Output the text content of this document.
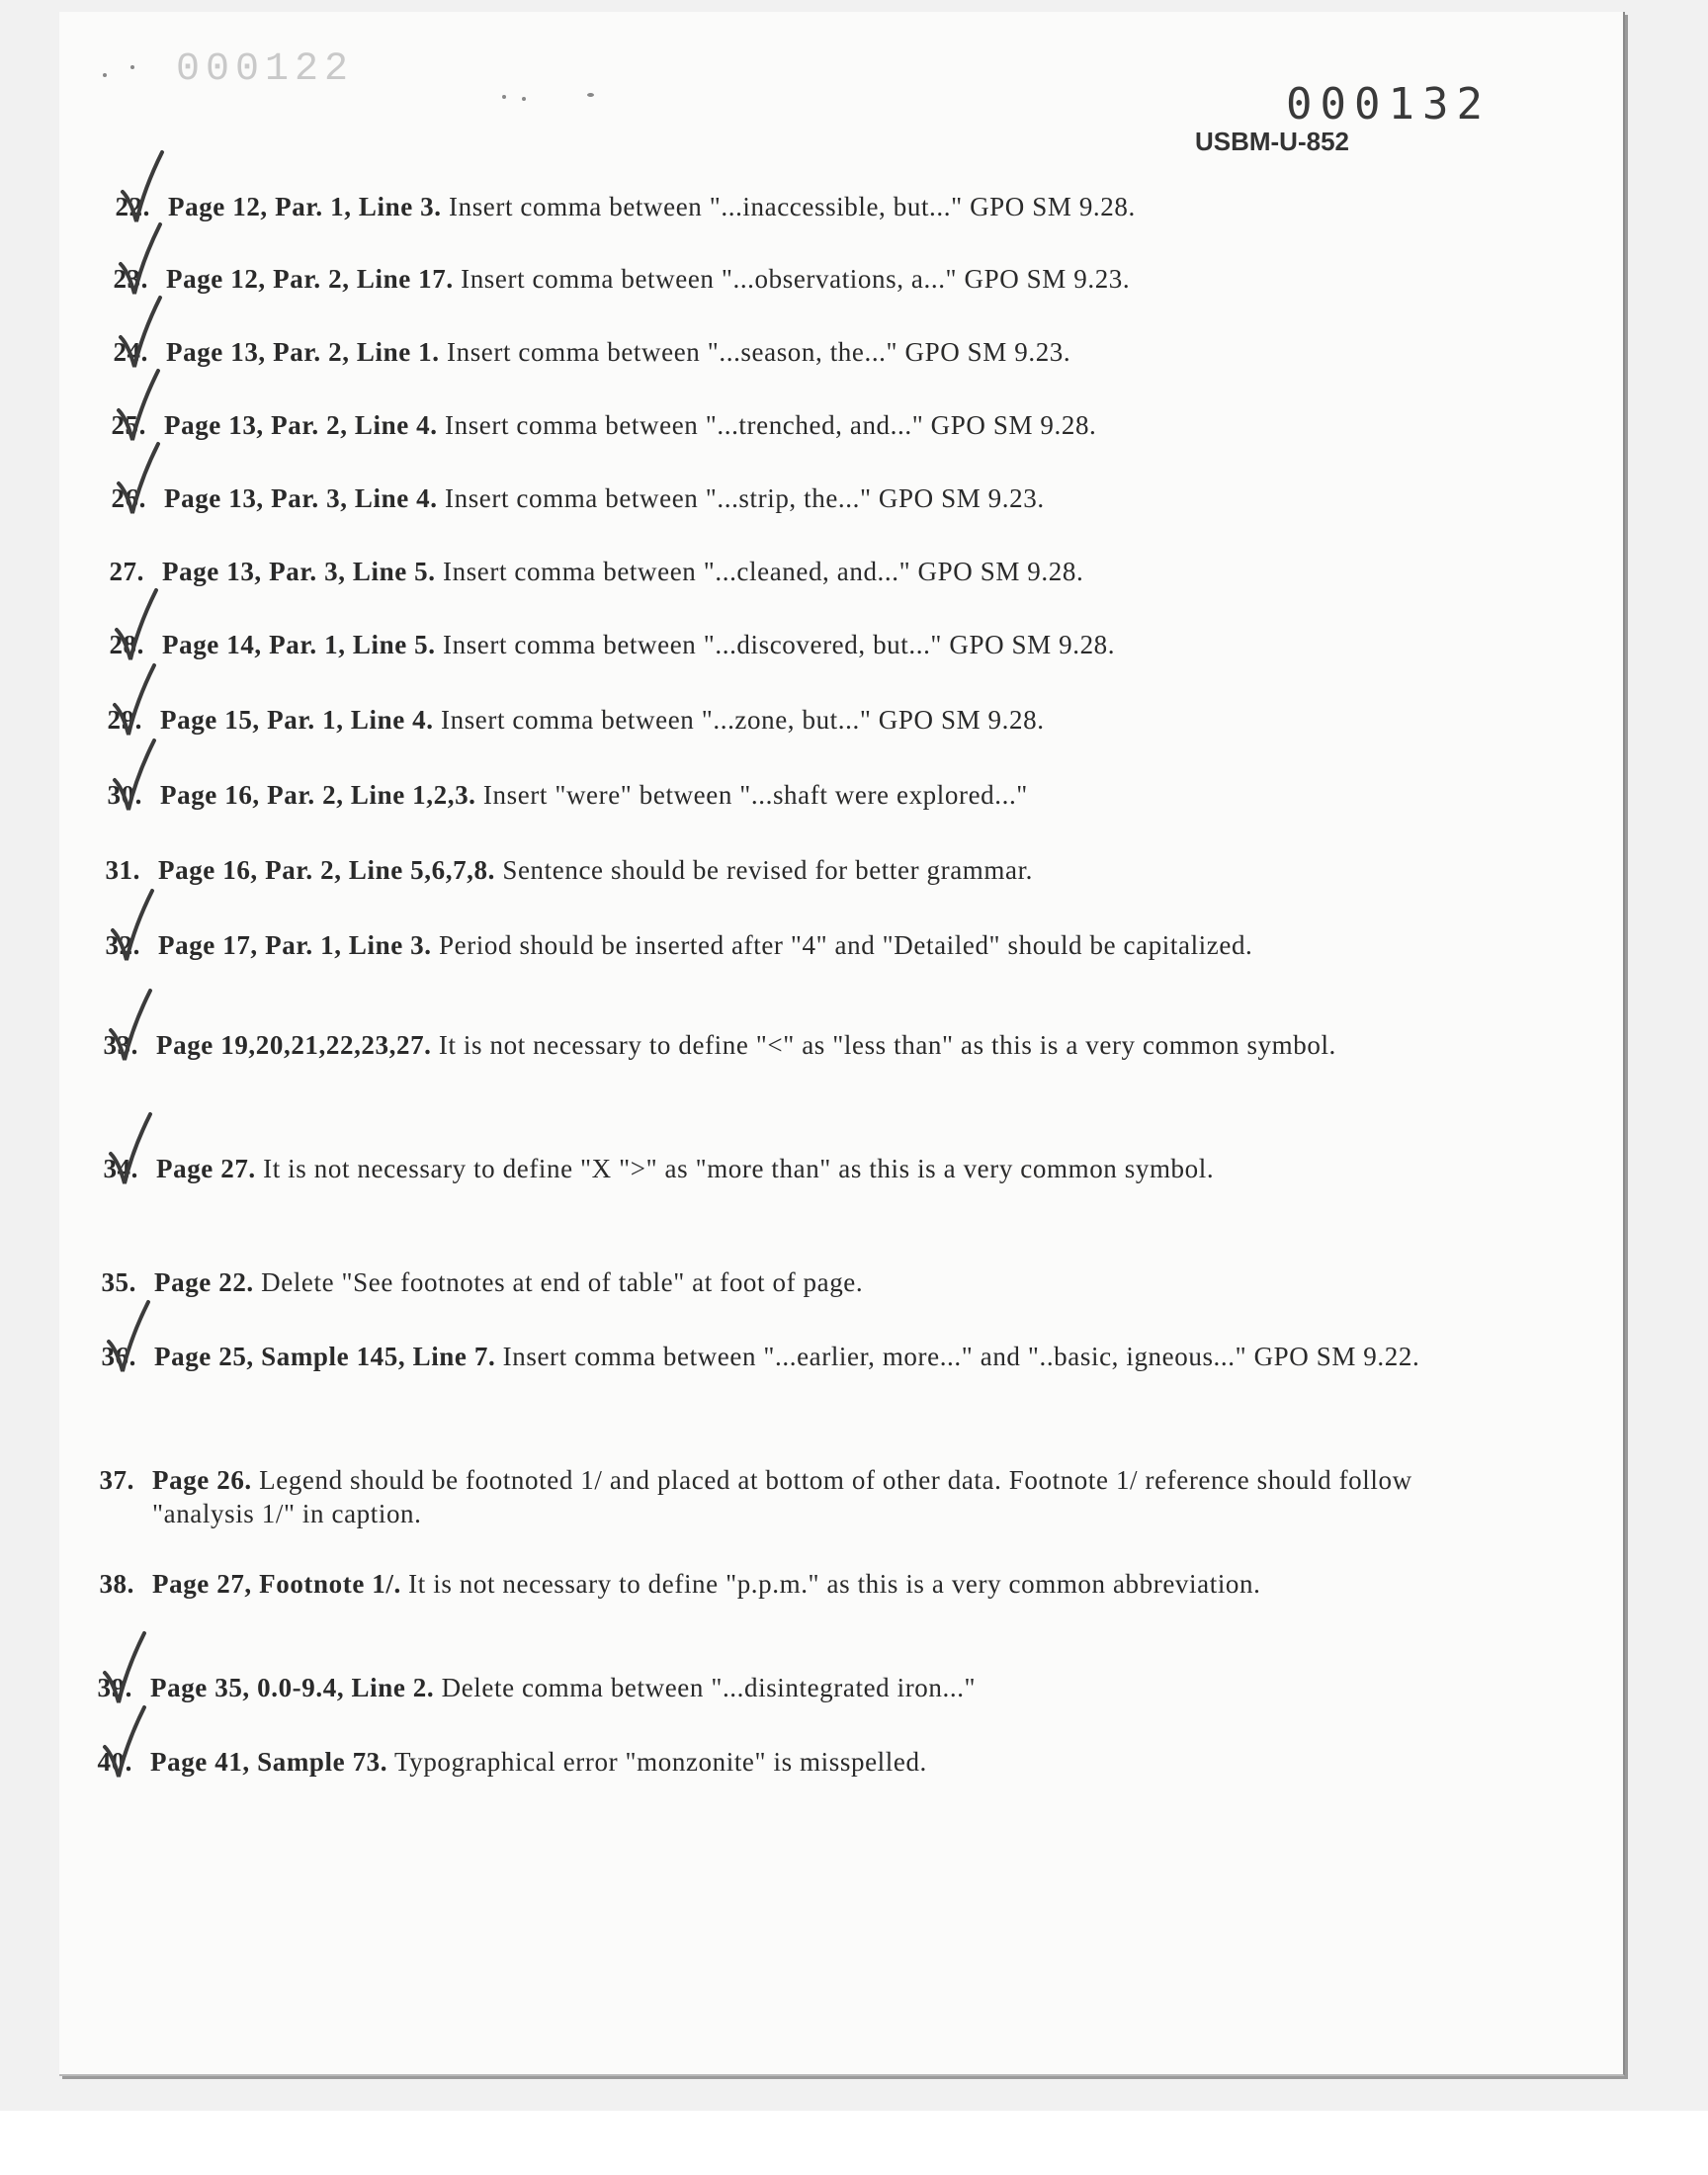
000122
000132
USBM-U-852
22. Page 12, Par. 1, Line 3. Insert comma between "...inaccessible, but..." GPO SM 9.28.
23. Page 12, Par. 2, Line 17. Insert comma between "...observations, a..." GPO SM 9.23.
24. Page 13, Par. 2, Line 1. Insert comma between "...season, the..." GPO SM 9.23.
25. Page 13, Par. 2, Line 4. Insert comma between "...trenched, and..." GPO SM 9.28.
26. Page 13, Par. 3, Line 4. Insert comma between "...strip, the..." GPO SM 9.23.
27. Page 13, Par. 3, Line 5. Insert comma between "...cleaned, and..." GPO SM 9.28.
28. Page 14, Par. 1, Line 5. Insert comma between "...discovered, but..." GPO SM 9.28.
29. Page 15, Par. 1, Line 4. Insert comma between "...zone, but..." GPO SM 9.28.
30. Page 16, Par. 2, Line 1,2,3. Insert "were" between "...shaft were explored..."
31. Page 16, Par. 2, Line 5,6,7,8. Sentence should be revised for better grammar.
32. Page 17, Par. 1, Line 3. Period should be inserted after "4" and "Detailed" should be capitalized.
33. Page 19,20,21,22,23,27. It is not necessary to define "<" as "less than" as this is a very common symbol.
34. Page 27. It is not necessary to define "X ">" as "more than" as this is a very common symbol.
35. Page 22. Delete "See footnotes at end of table" at foot of page.
36. Page 25, Sample 145, Line 7. Insert comma between "...earlier, more..." and "..basic, igneous..." GPO SM 9.22.
37. Page 26. Legend should be footnoted 1/ and placed at bottom of other data. Footnote 1/ reference should follow "analysis 1/" in caption.
38. Page 27, Footnote 1/. It is not necessary to define "p.p.m." as this is a very common abbreviation.
39. Page 35, 0.0-9.4, Line 2. Delete comma between "...disintegrated iron..."
40. Page 41, Sample 73. Typographical error "monzonite" is misspelled.
